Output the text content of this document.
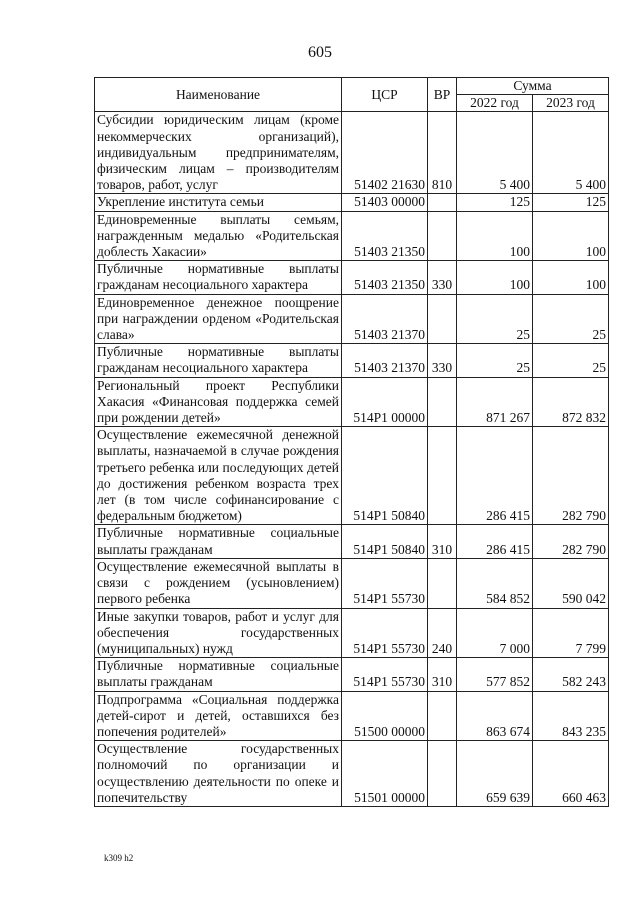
605
Наименование	ЦСР	ВР	Сумма	
			2022 год	2023 год
Субсидии юридическим лицам (кроме некоммерческих организаций), индивидуальным предпринимателям, физическим лицам – производителям товаров, работ, услуг	51402 21630	810	5 400	5 400
Укрепление института семьи	51403 00000		125	125
Единовременные выплаты семьям, награжденным медалью «Родительская доблесть Хакасии»	51403 21350		100	100
Публичные нормативные выплаты гражданам несоциального характера	51403 21350	330	100	100
Единовременное денежное поощрение при награждении орденом «Родительская слава»	51403 21370		25	25
Публичные нормативные выплаты гражданам несоциального характера	51403 21370	330	25	25
Региональный проект Республики Хакасия «Финансовая поддержка семей при рождении детей»	514P1 00000		871 267	872 832
Осуществление ежемесячной денежной выплаты, назначаемой в случае рождения третьего ребенка или последующих детей до достижения ребенком возраста трех лет (в том числе софинансирование с федеральным бюджетом)	514P1 50840		286 415	282 790
Публичные нормативные социальные выплаты гражданам	514P1 50840	310	286 415	282 790
Осуществление ежемесячной выплаты в связи с рождением (усыновлением) первого ребенка	514P1 55730		584 852	590 042
Иные закупки товаров, работ и услуг для обеспечения государственных (муниципальных) нужд	514P1 55730	240	7 000	7 799
Публичные нормативные социальные выплаты гражданам	514P1 55730	310	577 852	582 243
Подпрограмма «Социальная поддержка детей-сирот и детей, оставшихся без попечения родителей»	51500 00000		863 674	843 235
Осуществление государственных полномочий по организации и осуществлению деятельности по опеке и попечительству	51501 00000		659 639	660 463
k309 h2
